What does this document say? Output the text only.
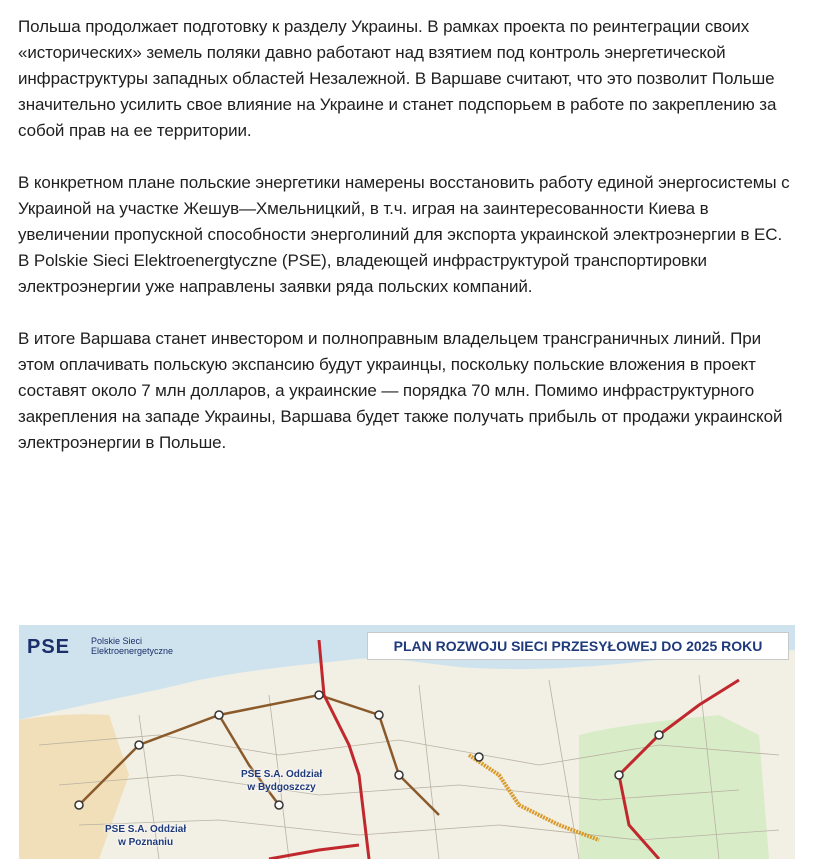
Польша продолжает подготовку к разделу Украины. В рамках проекта по реинтеграции своих «исторических» земель поляки давно работают над взятием под контроль энергетической инфраструктуры западных областей Незалежной. В Варшаве считают, что это позволит Польше значительно усилить свое влияние на Украине и станет подспорьем в работе по закреплению за собой прав на ее территории.

В конкретном плане польские энергетики намерены восстановить работу единой энергосистемы с Украиной на участке Жешув—Хмельницкий, в т.ч. играя на заинтересованности Киева в увеличении пропускной способности энерголиний для экспорта украинской электроэнергии в ЕС. В Polskie Sieci Elektroenergtyczne (PSE), владеющей инфраструктурой транспортировки электроэнергии уже направлены заявки ряда польских компаний.

В итоге Варшава станет инвестором и полноправным владельцем трансграничных линий. При этом оплачивать польскую экспансию будут украинцы, поскольку польские вложения в проект составят около 7 млн долларов, а украинские — порядка 70 млн. Помимо инфраструктурного закрепления на западе Украины, Варшава будет также получать прибыль от продажи украинской электроэнергии в Польше.

PSE Polskie Sieci
Elektroenergetyczne	PLAN ROZWOJU SIECI PRZESYŁOWEJ DO 2025 ROKU
PSE S.A. Oddział
w Bydgoszczy
PSE S.A. Oddział
w Poznaniu
